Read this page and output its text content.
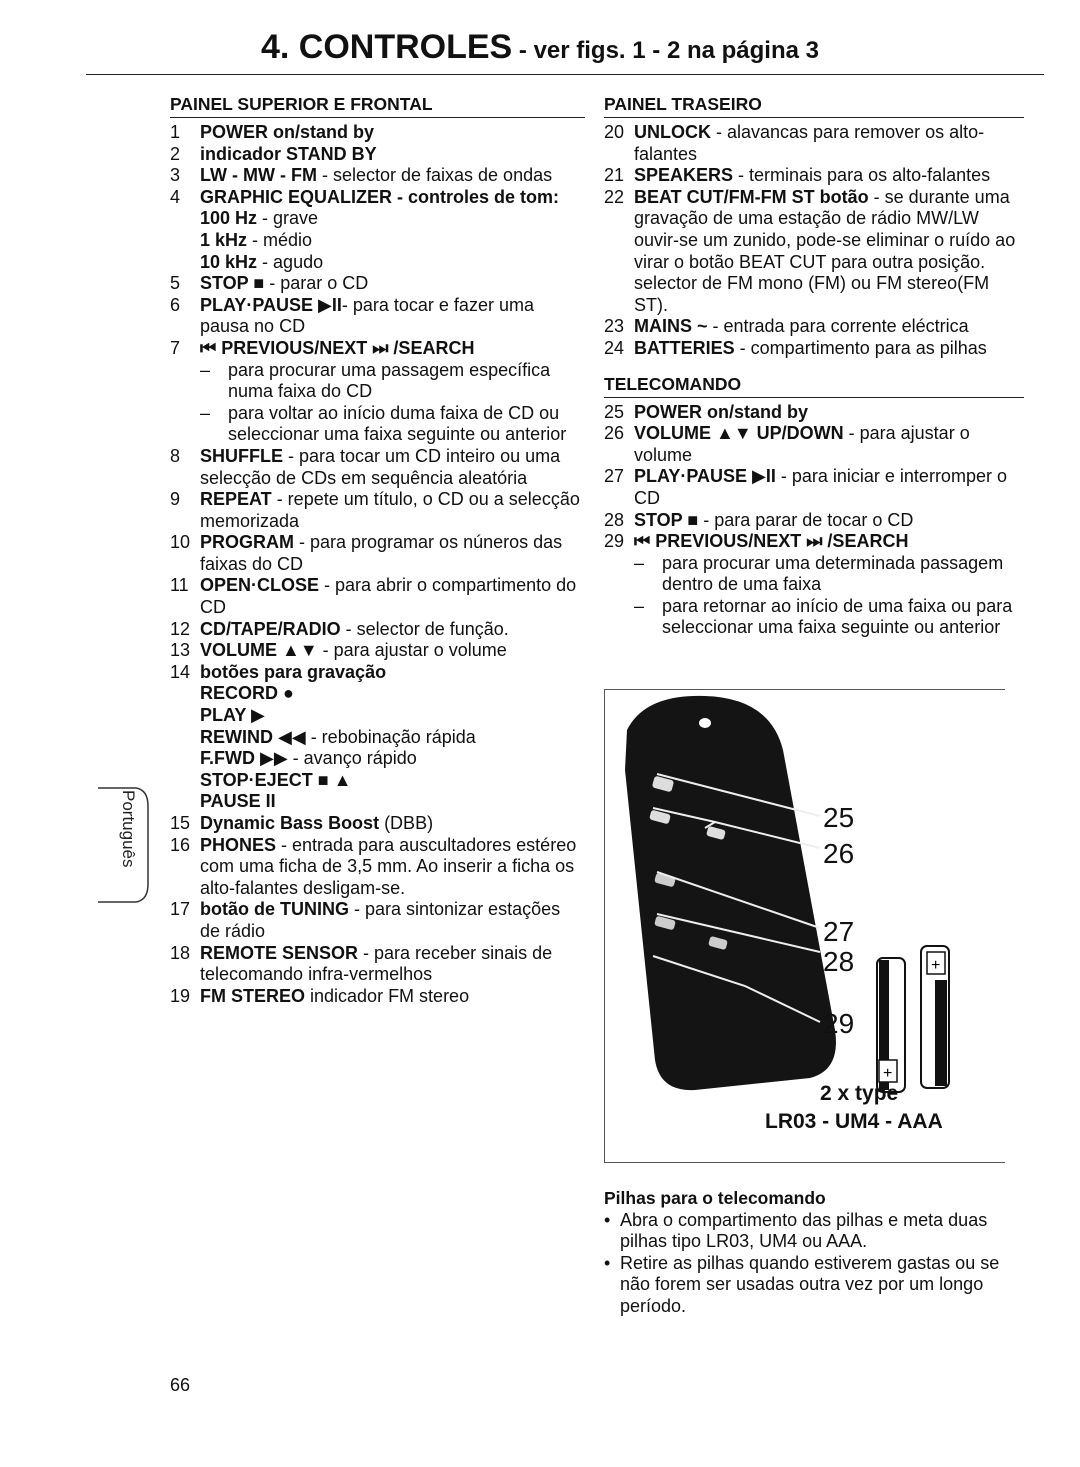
4. CONTROLES - ver figs. 1 - 2 na página 3
PAINEL SUPERIOR E FRONTAL
1	POWER on/stand by
2	indicador STAND BY
3	LW - MW - FM - selector de faixas de ondas
4	GRAPHIC EQUALIZER - controles de tom:
100 Hz - grave
1 kHz - médio
10 kHz - agudo
5	STOP ■ - parar o CD
6	PLAY·PAUSE ▶II- para tocar e fazer uma pausa no CD
7	⏮ PREVIOUS/NEXT ⏭ /SEARCH
– para procurar uma passagem específica numa faixa do CD
– para voltar ao início duma faixa de CD ou seleccionar uma faixa seguinte ou anterior
8	SHUFFLE - para tocar um CD inteiro ou uma selecção de CDs em sequência aleatória
9	REPEAT - repete um título, o CD ou a selecção memorizada
10 PROGRAM - para programar os núneros das faixas do CD
11 OPEN·CLOSE - para abrir o compartimento do CD
12 CD/TAPE/RADIO - selector de função.
13 VOLUME ▲▼ - para ajustar o volume
14 botões para gravação
RECORD ●
PLAY ▶
REWIND ◀◀ - rebobinação rápida
F.FWD ▶▶ - avanço rápido
STOP·EJECT ■ ▲
PAUSE II
15 Dynamic Bass Boost (DBB)
16 PHONES - entrada para auscultadores estéreo com uma ficha de 3,5 mm. Ao inserir a ficha os alto-falantes desligam-se.
17 botão de TUNING - para sintonizar estações de rádio
18 REMOTE SENSOR - para receber sinais de telecomando infra-vermelhos
19 FM STEREO indicador FM stereo
Português
PAINEL TRASEIRO
20 UNLOCK - alavancas para remover os alto-falantes
21 SPEAKERS - terminais para os alto-falantes
22 BEAT CUT/FM-FM ST botão - se durante uma gravação de uma estação de rádio MW/LW ouvir-se um zunido, pode-se eliminar o ruído ao virar o botão BEAT CUT para outra posição. selector de FM mono (FM) ou FM stereo(FM ST).
23 MAINS ~ - entrada para corrente eléctrica
24 BATTERIES - compartimento para as pilhas
TELECOMANDO
25 POWER on/stand by
26 VOLUME ▲▼ UP/DOWN - para ajustar o volume
27 PLAY·PAUSE ▶II - para iniciar e interromper o CD
28 STOP ■ - para parar de tocar o CD
29 ⏮ PREVIOUS/NEXT ⏭ /SEARCH
– para procurar uma determinada passagem dentro de uma faixa
– para retornar ao início de uma faixa ou para seleccionar uma faixa seguinte ou anterior
+
+
25
26
27
28
29
2 x type
LR03 - UM4 - AAA
Pilhas para o telecomando
• Abra o compartimento das pilhas e meta duas pilhas tipo LR03, UM4 ou AAA.
• Retire as pilhas quando estiverem gastas ou se não forem ser usadas outra vez por um longo período.
66
